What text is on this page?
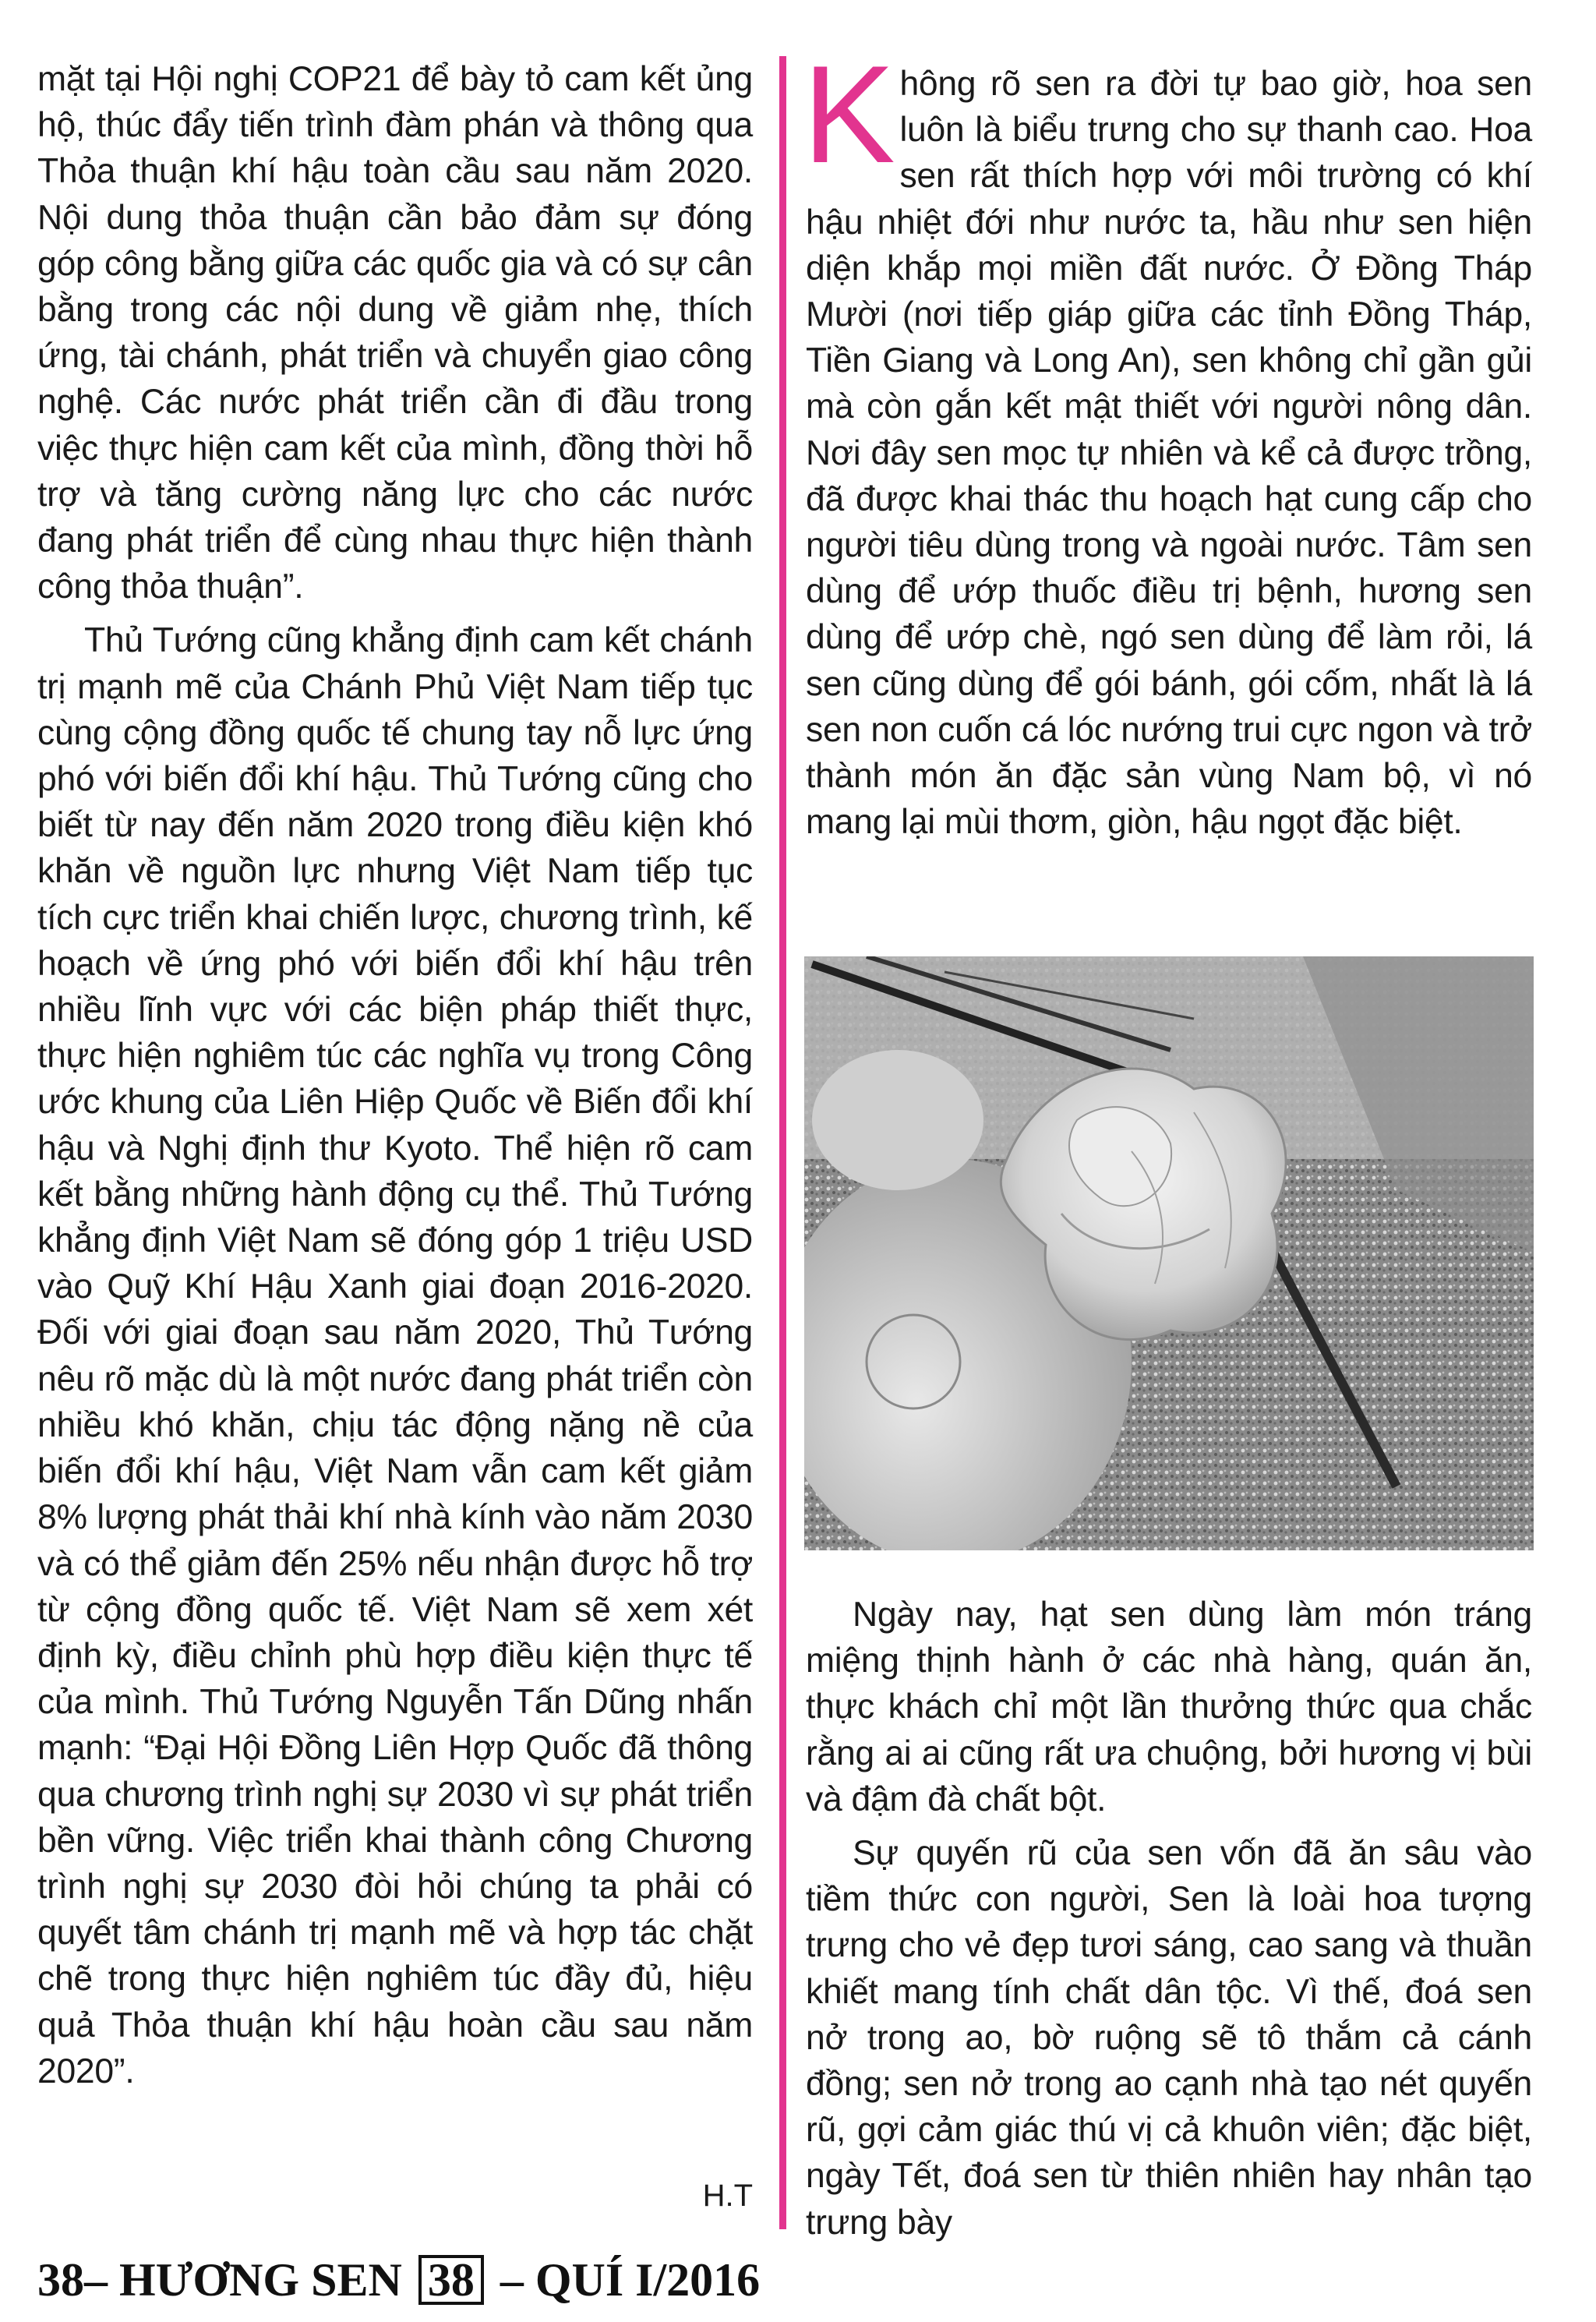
mặt tại Hội nghị COP21 để bày tỏ cam kết ủng hộ, thúc đẩy tiến trình đàm phán và thông qua Thỏa thuận khí hậu toàn cầu sau năm 2020. Nội dung thỏa thuận cần bảo đảm sự đóng góp công bằng giữa các quốc gia và có sự cân bằng trong các nội dung về giảm nhẹ, thích ứng, tài chánh, phát triển và chuyển giao công nghệ. Các nước phát triển cần đi đầu trong việc thực hiện cam kết của mình, đồng thời hỗ trợ và tăng cường năng lực cho các nước đang phát triển để cùng nhau thực hiện thành công thỏa thuận”.

Thủ Tướng cũng khẳng định cam kết chánh trị mạnh mẽ của Chánh Phủ Việt Nam tiếp tục cùng cộng đồng quốc tế chung tay nỗ lực ứng phó với biến đổi khí hậu. Thủ Tướng cũng cho biết từ nay đến năm 2020 trong điều kiện khó khăn về nguồn lực nhưng Việt Nam tiếp tục tích cực triển khai chiến lược, chương trình, kế hoạch về ứng phó với biến đổi khí hậu trên nhiều lĩnh vực với các biện pháp thiết thực, thực hiện nghiêm túc các nghĩa vụ trong Công ước khung của Liên Hiệp Quốc về Biến đổi khí hậu và Nghị định thư Kyoto. Thể hiện rõ cam kết bằng những hành động cụ thể. Thủ Tướng khẳng định Việt Nam sẽ đóng góp 1 triệu USD vào Quỹ Khí Hậu Xanh giai đoạn 2016-2020. Đối với giai đoạn sau năm 2020, Thủ Tướng nêu rõ mặc dù là một nước đang phát triển còn nhiều khó khăn, chịu tác động nặng nề của biến đổi khí hậu, Việt Nam vẫn cam kết giảm 8% lượng phát thải khí nhà kính vào năm 2030 và có thể giảm đến 25% nếu nhận được hỗ trợ từ cộng đồng quốc tế. Việt Nam sẽ xem xét định kỳ, điều chỉnh phù hợp điều kiện thực tế của mình. Thủ Tướng Nguyễn Tấn Dũng nhấn mạnh: “Đại Hội Đồng Liên Hợp Quốc đã thông qua chương trình nghị sự 2030 vì sự phát triển bền vững. Việc triển khai thành công Chương trình nghị sự 2030 đòi hỏi chúng ta phải có quyết tâm chánh trị mạnh mẽ và hợp tác chặt chẽ trong thực hiện nghiêm túc đầy đủ, hiệu quả Thỏa thuận khí hậu hoàn cầu sau năm 2020”.

H.T

Không rõ sen ra đời tự bao giờ, hoa sen luôn là biểu trưng cho sự thanh cao. Hoa sen rất thích hợp với môi trường có khí hậu nhiệt đới như nước ta, hầu như sen hiện diện khắp mọi miền đất nước. Ở Đồng Tháp Mười (nơi tiếp giáp giữa các tỉnh Đồng Tháp, Tiền Giang và Long An), sen không chỉ gần gủi mà còn gắn kết mật thiết với người nông dân. Nơi đây sen mọc tự nhiên và kể cả được trồng, đã được khai thác thu hoạch hạt cung cấp cho người tiêu dùng trong và ngoài nước. Tâm sen dùng để ướp thuốc điều trị bệnh, hương sen dùng để ướp chè, ngó sen dùng để làm rỏi, lá sen cũng dùng để gói bánh, gói cốm, nhất là lá sen non cuốn cá lóc nướng trui cực ngon và trở thành món ăn đặc sản vùng Nam bộ, vì nó mang lại mùi thơm, giòn, hậu ngọt đặc biệt.

Ngày nay, hạt sen dùng làm món tráng miệng thịnh hành ở các nhà hàng, quán ăn, thực khách chỉ một lần thưởng thức qua chắc rằng ai ai cũng rất ưa chuộng, bởi hương vị bùi và đậm đà chất bột.

Sự quyến rũ của sen vốn đã ăn sâu vào tiềm thức con người, Sen là loài hoa tượng trưng cho vẻ đẹp tươi sáng, cao sang và thuần khiết mang tính chất dân tộc. Vì thế, đoá sen nở trong ao, bờ ruộng sẽ tô thắm cả cánh đồng; sen nở trong ao cạnh nhà tạo nét quyến rũ, gợi cảm giác thú vị cả khuôn viên; đặc biệt, ngày Tết, đoá sen từ thiên nhiên hay nhân tạo trưng bày

38– HƯƠNG SEN 38 – QUÍ I/2016
